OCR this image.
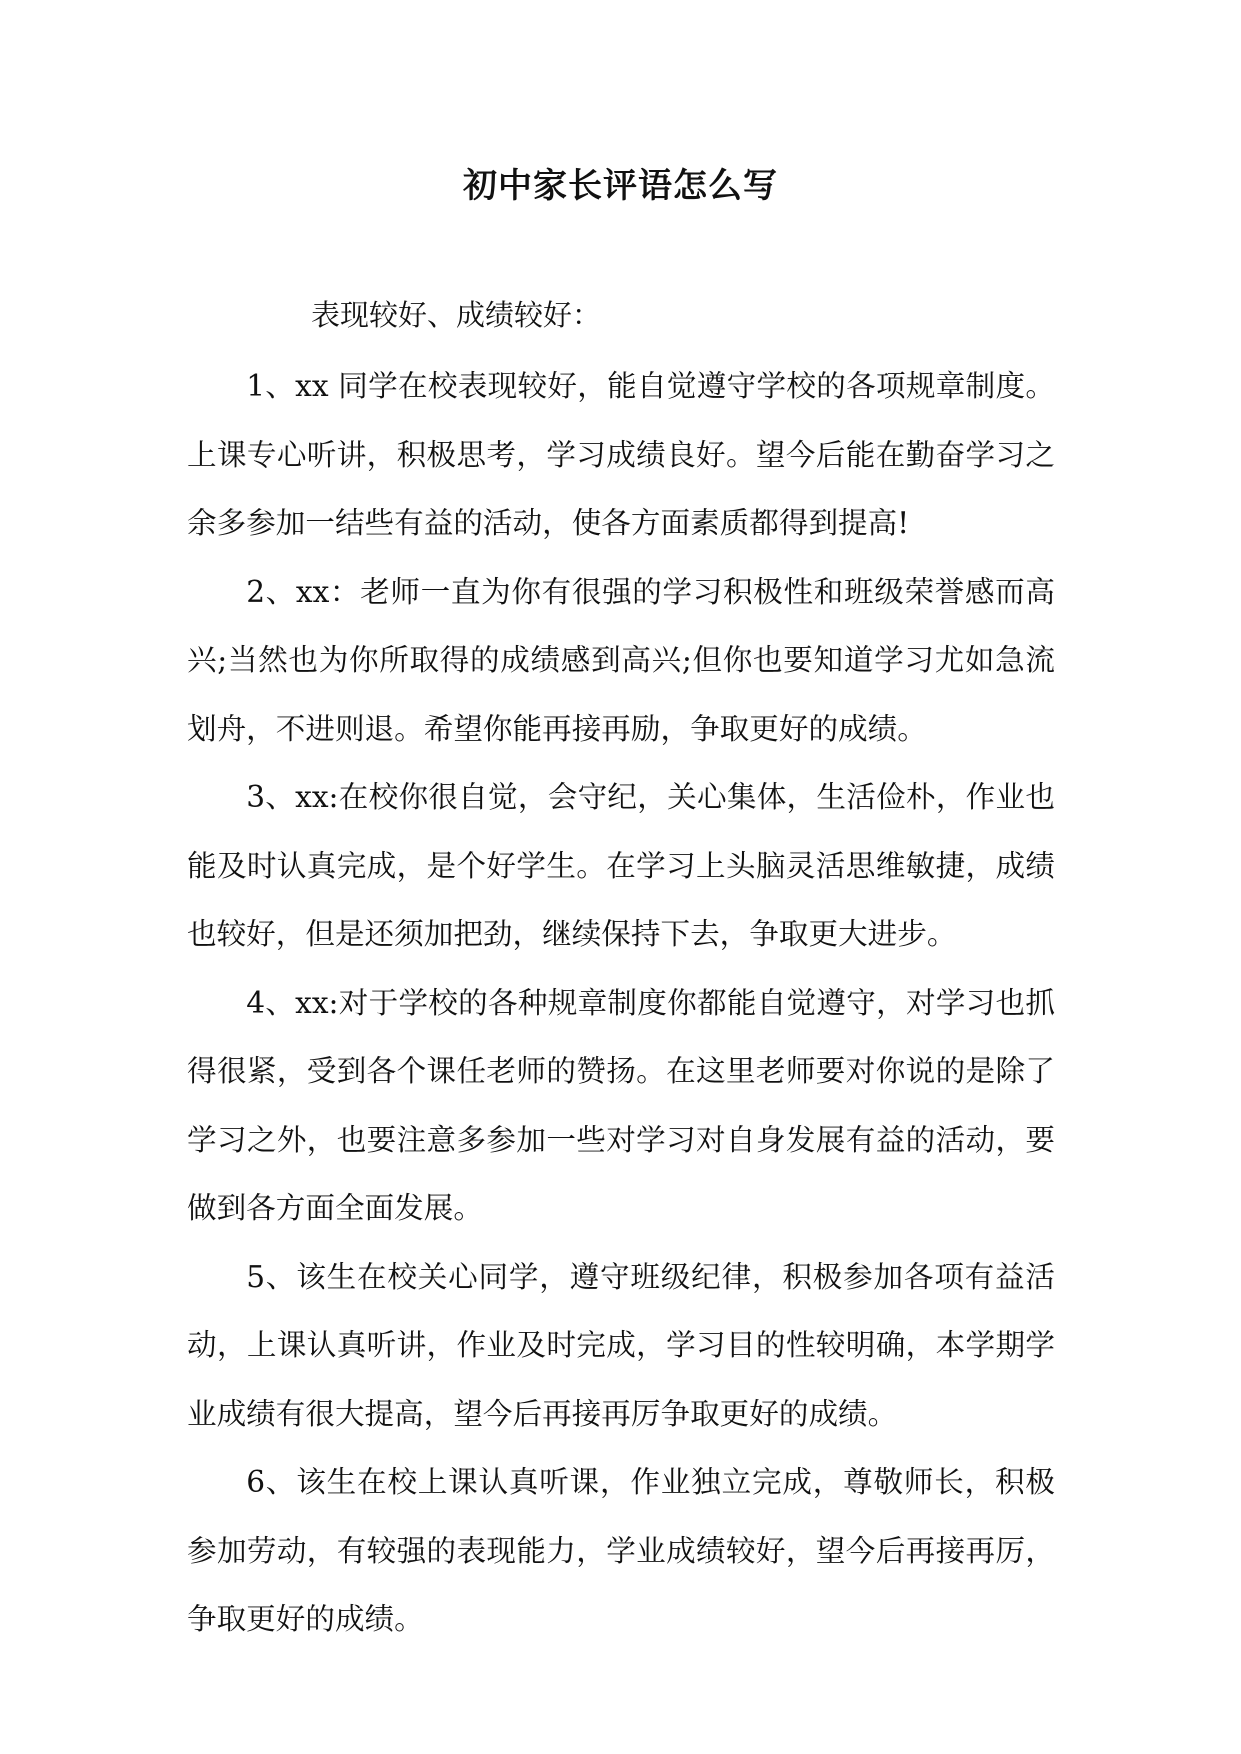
初中家长评语怎么写

表现较好、成绩较好：

1、xx 同学在校表现较好，能自觉遵守学校的各项规章制度。上课专心听讲，积极思考，学习成绩良好。望今后能在勤奋学习之余多参加一结些有益的活动，使各方面素质都得到提高!

2、xx：老师一直为你有很强的学习积极性和班级荣誉感而高兴;当然也为你所取得的成绩感到高兴;但你也要知道学习尤如急流划舟，不进则退。希望你能再接再励，争取更好的成绩。

3、xx:在校你很自觉，会守纪，关心集体，生活俭朴，作业也能及时认真完成，是个好学生。在学习上头脑灵活思维敏捷，成绩也较好，但是还须加把劲，继续保持下去，争取更大进步。

4、xx:对于学校的各种规章制度你都能自觉遵守，对学习也抓得很紧，受到各个课任老师的赞扬。在这里老师要对你说的是除了学习之外，也要注意多参加一些对学习对自身发展有益的活动，要做到各方面全面发展。

5、该生在校关心同学，遵守班级纪律，积极参加各项有益活动，上课认真听讲，作业及时完成，学习目的性较明确，本学期学业成绩有很大提高，望今后再接再厉争取更好的成绩。

6、该生在校上课认真听课，作业独立完成，尊敬师长，积极参加劳动，有较强的表现能力，学业成绩较好，望今后再接再厉，争取更好的成绩。
